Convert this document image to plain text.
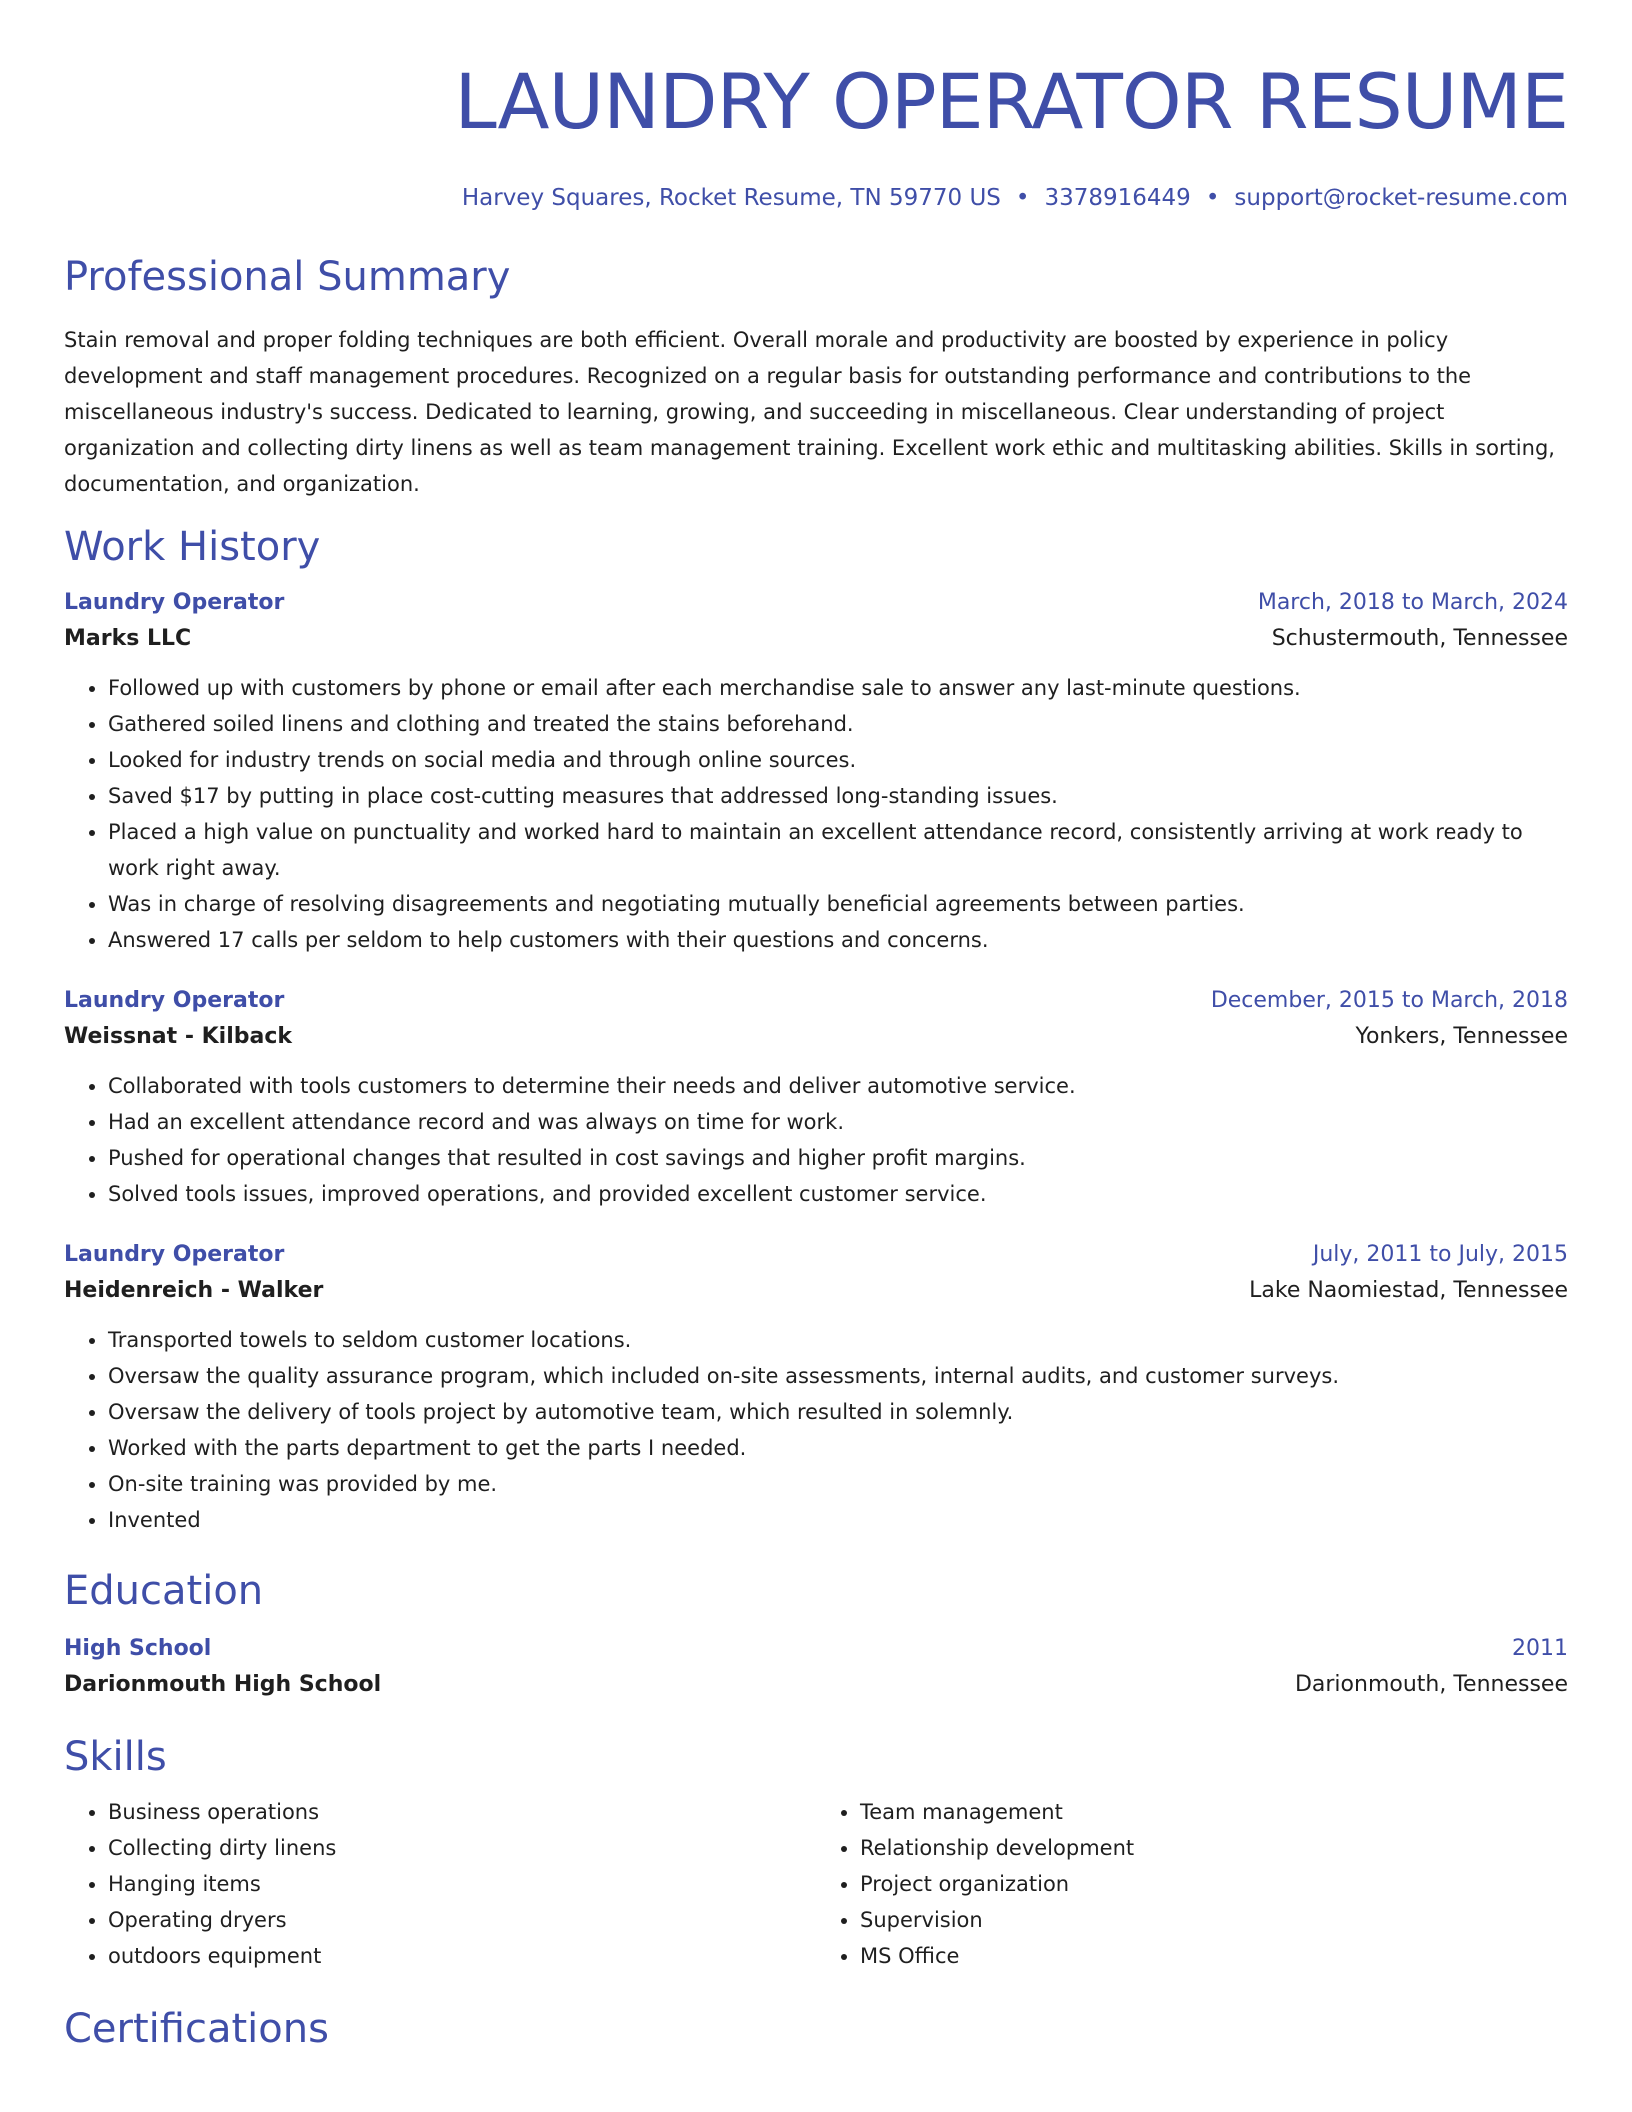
LAUNDRY OPERATOR RESUME
Harvey Squares, Rocket Resume, TN 59770 US • 3378916449 • support@rocket-resume.com
Professional Summary

Stain removal and proper folding techniques are both efficient. Overall morale and productivity are boosted by experience in policy development and staff management procedures. Recognized on a regular basis for outstanding performance and contributions to the miscellaneous industry's success. Dedicated to learning, growing, and succeeding in miscellaneous. Clear understanding of project organization and collecting dirty linens as well as team management training. Excellent work ethic and multitasking abilities. Skills in sorting, documentation, and organization.

Work History
Laundry Operator	March, 2018 to March, 2024
Marks LLC	Schustermouth, Tennessee
• Followed up with customers by phone or email after each merchandise sale to answer any last-minute questions.
• Gathered soiled linens and clothing and treated the stains beforehand.
• Looked for industry trends on social media and through online sources.
• Saved $17 by putting in place cost-cutting measures that addressed long-standing issues.
• Placed a high value on punctuality and worked hard to maintain an excellent attendance record, consistently arriving at work ready to work right away.
• Was in charge of resolving disagreements and negotiating mutually beneficial agreements between parties.
• Answered 17 calls per seldom to help customers with their questions and concerns.
Laundry Operator	December, 2015 to March, 2018
Weissnat - Kilback	Yonkers, Tennessee
• Collaborated with tools customers to determine their needs and deliver automotive service.
• Had an excellent attendance record and was always on time for work.
• Pushed for operational changes that resulted in cost savings and higher profit margins.
• Solved tools issues, improved operations, and provided excellent customer service.
Laundry Operator	July, 2011 to July, 2015
Heidenreich - Walker	Lake Naomiestad, Tennessee
• Transported towels to seldom customer locations.
• Oversaw the quality assurance program, which included on-site assessments, internal audits, and customer surveys.
• Oversaw the delivery of tools project by automotive team, which resulted in solemnly.
• Worked with the parts department to get the parts I needed.
• On-site training was provided by me.
• Invented
Education
High School	2011
Darionmouth High School	Darionmouth, Tennessee
Skills
• Business operations
• Collecting dirty linens
• Hanging items
• Operating dryers
• outdoors equipment
• Team management
• Relationship development
• Project organization
• Supervision
• MS Office
Certifications
